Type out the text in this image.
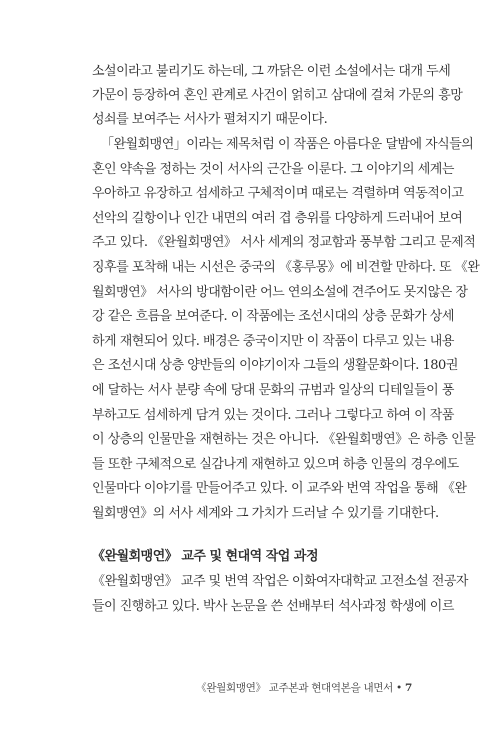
소설이라고 불리기도 하는데, 그 까닭은 이런 소설에서는 대개 두세
가문이 등장하여 혼인 관계로 사건이 얽히고 삼대에 걸쳐 가문의 흥망
성쇠를 보여주는 서사가 펼쳐지기 때문이다.
「완월회맹연」이라는 제목처럼 이 작품은 아름다운 달밤에 자식들의
혼인 약속을 정하는 것이 서사의 근간을 이룬다. 그 이야기의 세계는
우아하고 유장하고 섬세하고 구체적이며 때로는 격렬하며 역동적이고
선악의 길항이나 인간 내면의 여러 겹 층위를 다양하게 드러내어 보여
주고 있다. 《완월회맹연》 서사 세계의 정교함과 풍부함 그리고 문제적
징후를 포착해 내는 시선은 중국의 《홍루몽》에 비견할 만하다. 또 《완
월회맹연》 서사의 방대함이란 어느 연의소설에 견주어도 못지않은 장
강 같은 흐름을 보여준다. 이 작품에는 조선시대의 상층 문화가 상세
하게 재현되어 있다. 배경은 중국이지만 이 작품이 다루고 있는 내용
은 조선시대 상층 양반들의 이야기이자 그들의 생활문화이다. 180권
에 달하는 서사 분량 속에 당대 문화의 규범과 일상의 디테일들이 풍
부하고도 섬세하게 담겨 있는 것이다. 그러나 그렇다고 하여 이 작품
이 상층의 인물만을 재현하는 것은 아니다. 《완월회맹연》은 하층 인물
들 또한 구체적으로 실감나게 재현하고 있으며 하층 인물의 경우에도
인물마다 이야기를 만들어주고 있다. 이 교주와 번역 작업을 통해 《완
월회맹연》의 서사 세계와 그 가치가 드러날 수 있기를 기대한다.
《완월회맹연》 교주 및 현대역 작업 과정
《완월회맹연》 교주 및 번역 작업은 이화여자대학교 고전소설 전공자
들이 진행하고 있다. 박사 논문을 쓴 선배부터 석사과정 학생에 이르
《완월회맹연》 교주본과 현대역본을 내면서 • 7
